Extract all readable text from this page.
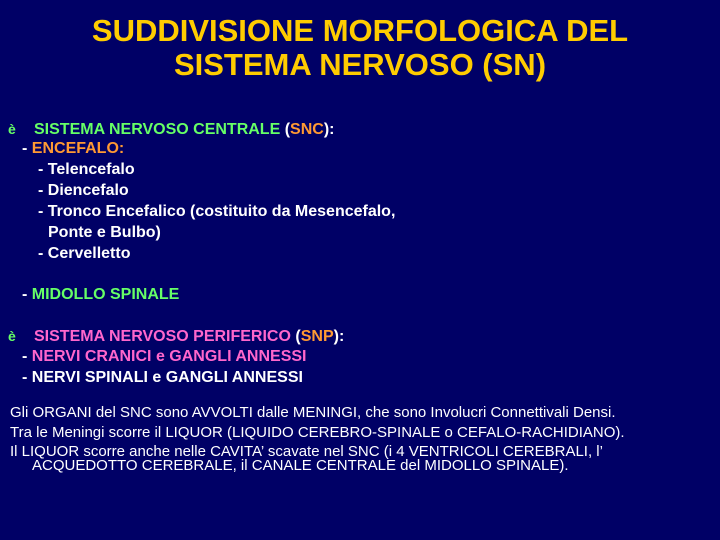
SUDDIVISIONE MORFOLOGICA DEL
SISTEMA NERVOSO (SN)
è SISTEMA NERVOSO CENTRALE (SNC):
- ENCEFALO:
- Telencefalo
- Diencefalo
- Tronco Encefalico (costituito da Mesencefalo,
Ponte e Bulbo)
- Cervelletto
- MIDOLLO SPINALE
è SISTEMA NERVOSO PERIFERICO (SNP):
- NERVI CRANICI e GANGLI ANNESSI
- NERVI SPINALI e GANGLI ANNESSI
Gli ORGANI del SNC sono AVVOLTI dalle MENINGI, che sono Involucri Connettivali Densi.
Tra le Meningi scorre il LIQUOR (LIQUIDO CEREBRO-SPINALE o CEFALO-RACHIDIANO).
Il LIQUOR scorre anche nelle CAVITA’ scavate nel SNC (i 4 VENTRICOLI CEREBRALI, l’
ACQUEDOTTO CEREBRALE, il CANALE CENTRALE del MIDOLLO SPINALE).
